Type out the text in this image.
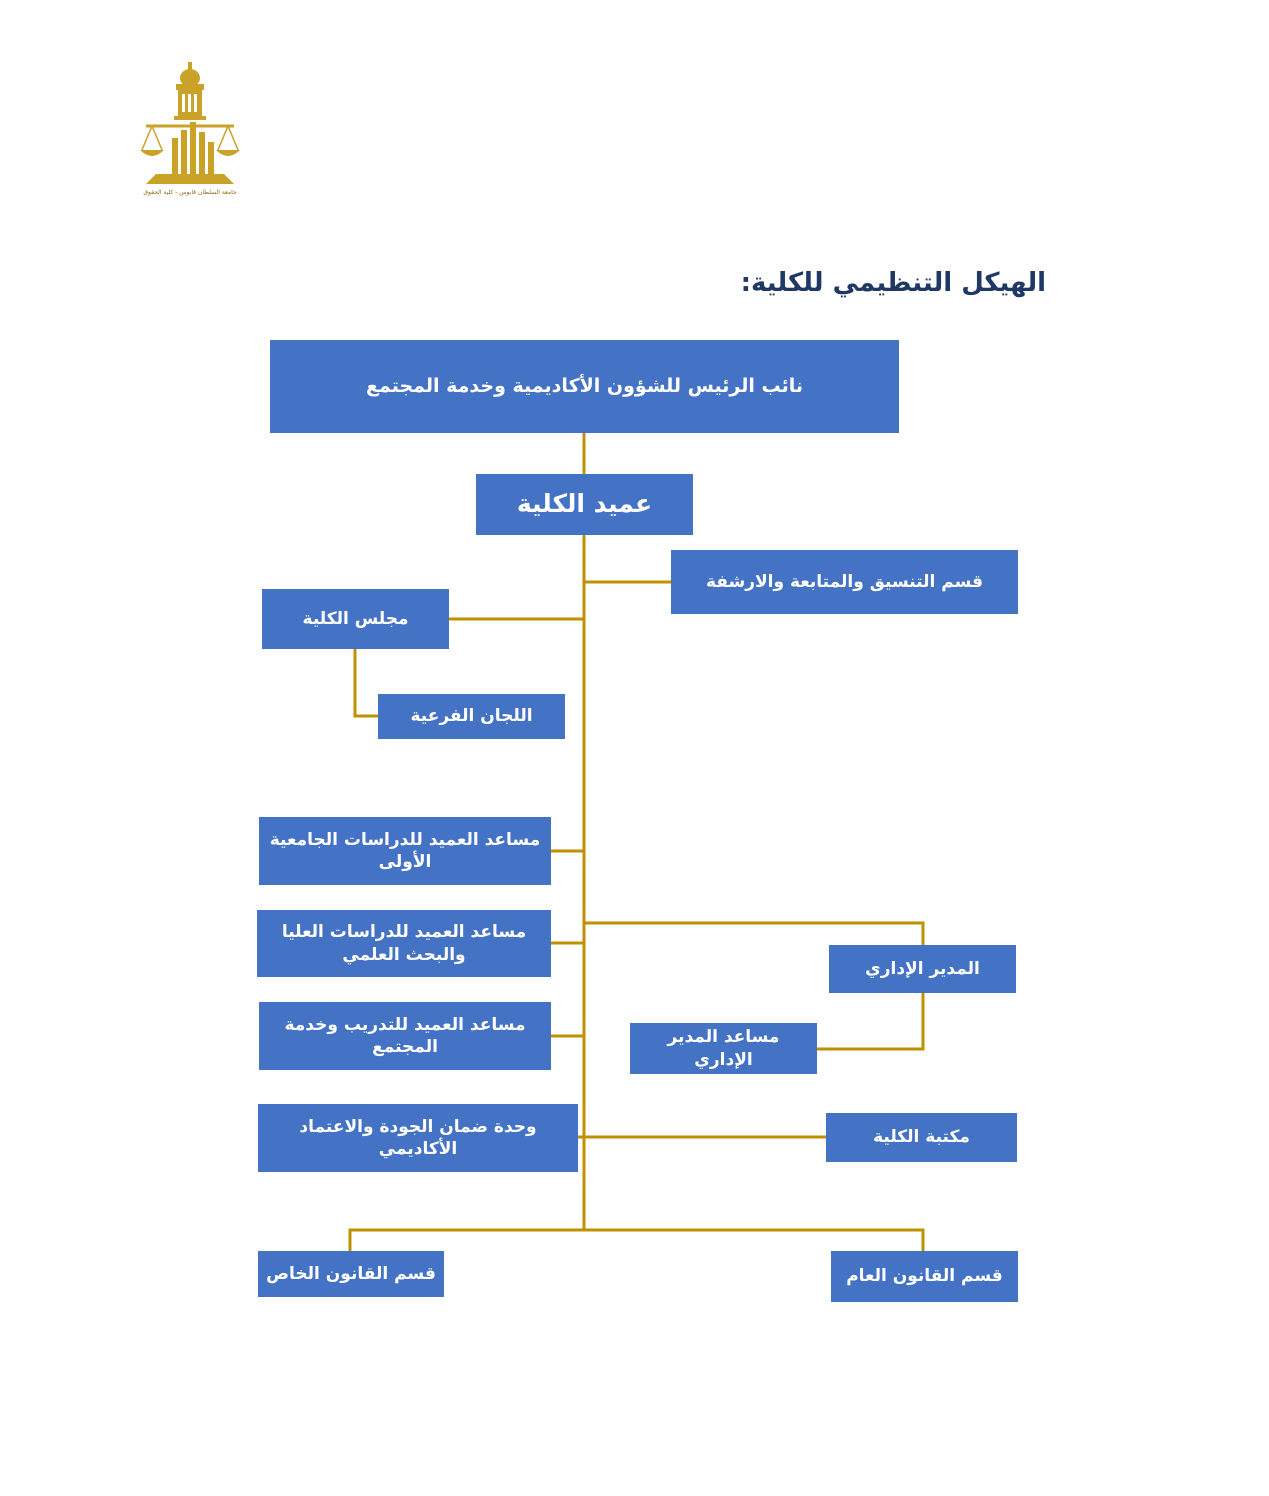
جامعة السلطان قابوس - كلية الحقوق
الهيكل التنظيمي للكلية:
نائب الرئيس للشؤون الأكاديمية وخدمة المجتمع
عميد الكلية
قسم التنسيق والمتابعة والارشفة
مجلس الكلية
اللجان الفرعية
مساعد العميد للدراسات الجامعية الأولى
مساعد العميد للدراسات العليا والبحث العلمي
مساعد العميد للتدريب وخدمة المجتمع
وحدة ضمان الجودة والاعتماد الأكاديمي
المدير الإداري
مساعد المدير الإداري
مكتبة الكلية
قسم القانون الخاص	قسم القانون العام
